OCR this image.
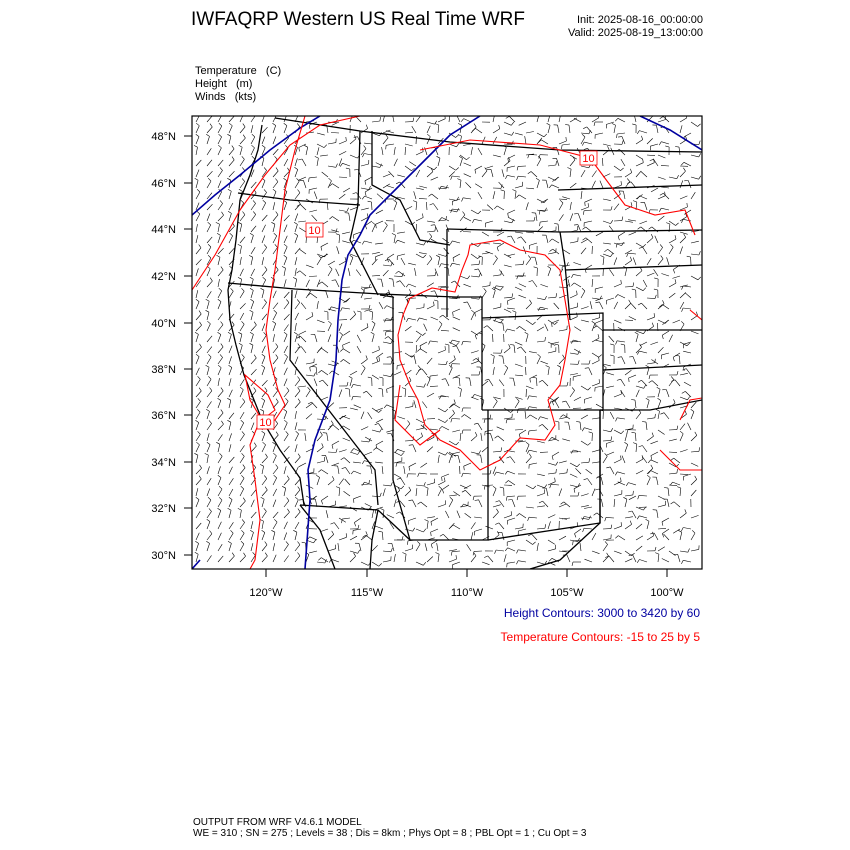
IWFAQRP Western US Real Time WRF	Init: 2025-08-16_00:00:00
Valid: 2025-08-19_13:00:00
Temperature   (C)
Height   (m)
Winds   (kts)
10
10
10
48°N
46°N
44°N
42°N
40°N
38°N
36°N
34°N
32°N
30°N
120°W	115°W	110°W	105°W	100°W
Height Contours: 3000 to 3420 by 60
Temperature Contours: -15 to 25 by 5
OUTPUT FROM WRF V4.6.1 MODEL
WE = 310 ; SN = 275 ; Levels = 38 ; Dis = 8km ; Phys Opt = 8 ; PBL Opt = 1 ; Cu Opt = 3
